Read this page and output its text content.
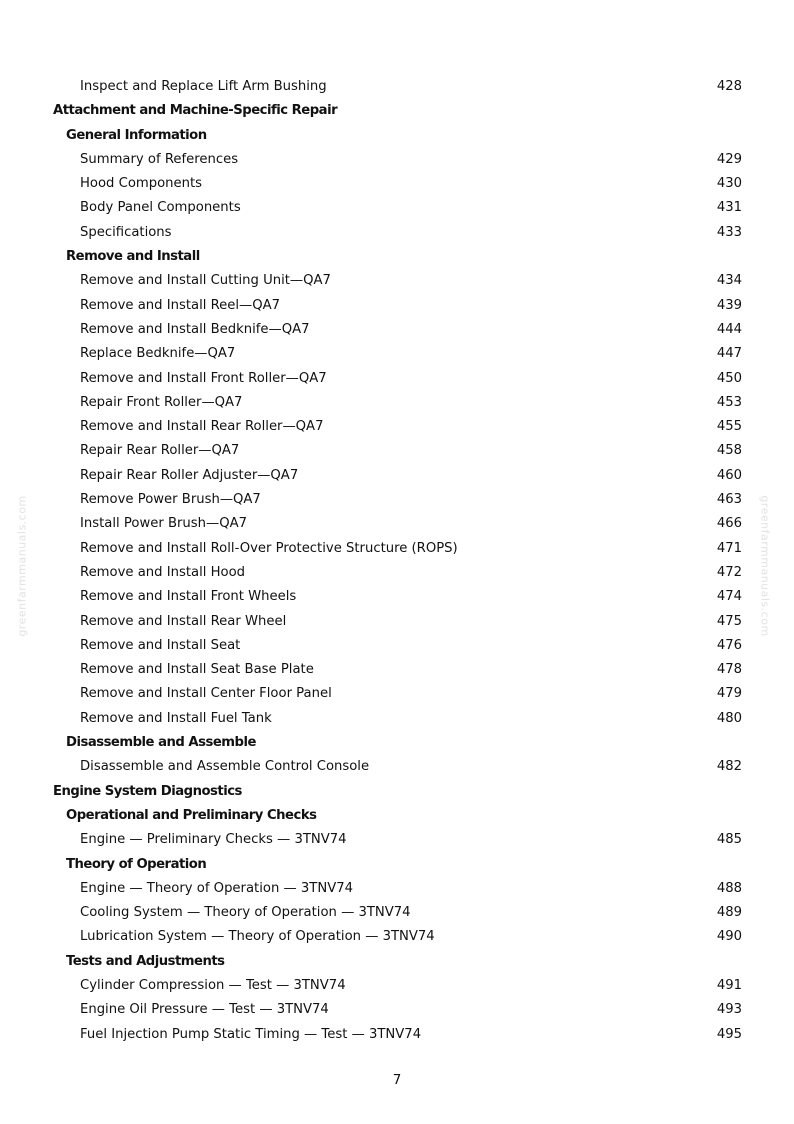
Inspect and Replace Lift Arm Bushing	428
Attachment and Machine-Specific Repair
General Information
Summary of References	429
Hood Components	430
Body Panel Components	431
Specifications	433
Remove and Install
Remove and Install Cutting Unit—QA7	434
Remove and Install Reel—QA7	439
Remove and Install Bedknife—QA7	444
Replace Bedknife—QA7	447
Remove and Install Front Roller—QA7	450
Repair Front Roller—QA7	453
Remove and Install Rear Roller—QA7	455
Repair Rear Roller—QA7	458
Repair Rear Roller Adjuster—QA7	460
Remove Power Brush—QA7	463
Install Power Brush—QA7	466
Remove and Install Roll-Over Protective Structure (ROPS)	471
Remove and Install Hood	472
Remove and Install Front Wheels	474
Remove and Install Rear Wheel	475
Remove and Install Seat	476
Remove and Install Seat Base Plate	478
Remove and Install Center Floor Panel	479
Remove and Install Fuel Tank	480
Disassemble and Assemble
Disassemble and Assemble Control Console	482
Engine System Diagnostics
Operational and Preliminary Checks
Engine — Preliminary Checks — 3TNV74	485
Theory of Operation
Engine — Theory of Operation — 3TNV74	488
Cooling System — Theory of Operation — 3TNV74	489
Lubrication System — Theory of Operation — 3TNV74	490
Tests and Adjustments
Cylinder Compression — Test — 3TNV74	491
Engine Oil Pressure — Test — 3TNV74	493
Fuel Injection Pump Static Timing — Test — 3TNV74	495
7
greenfarmmanuals.com	greenfarmmanuals.com
